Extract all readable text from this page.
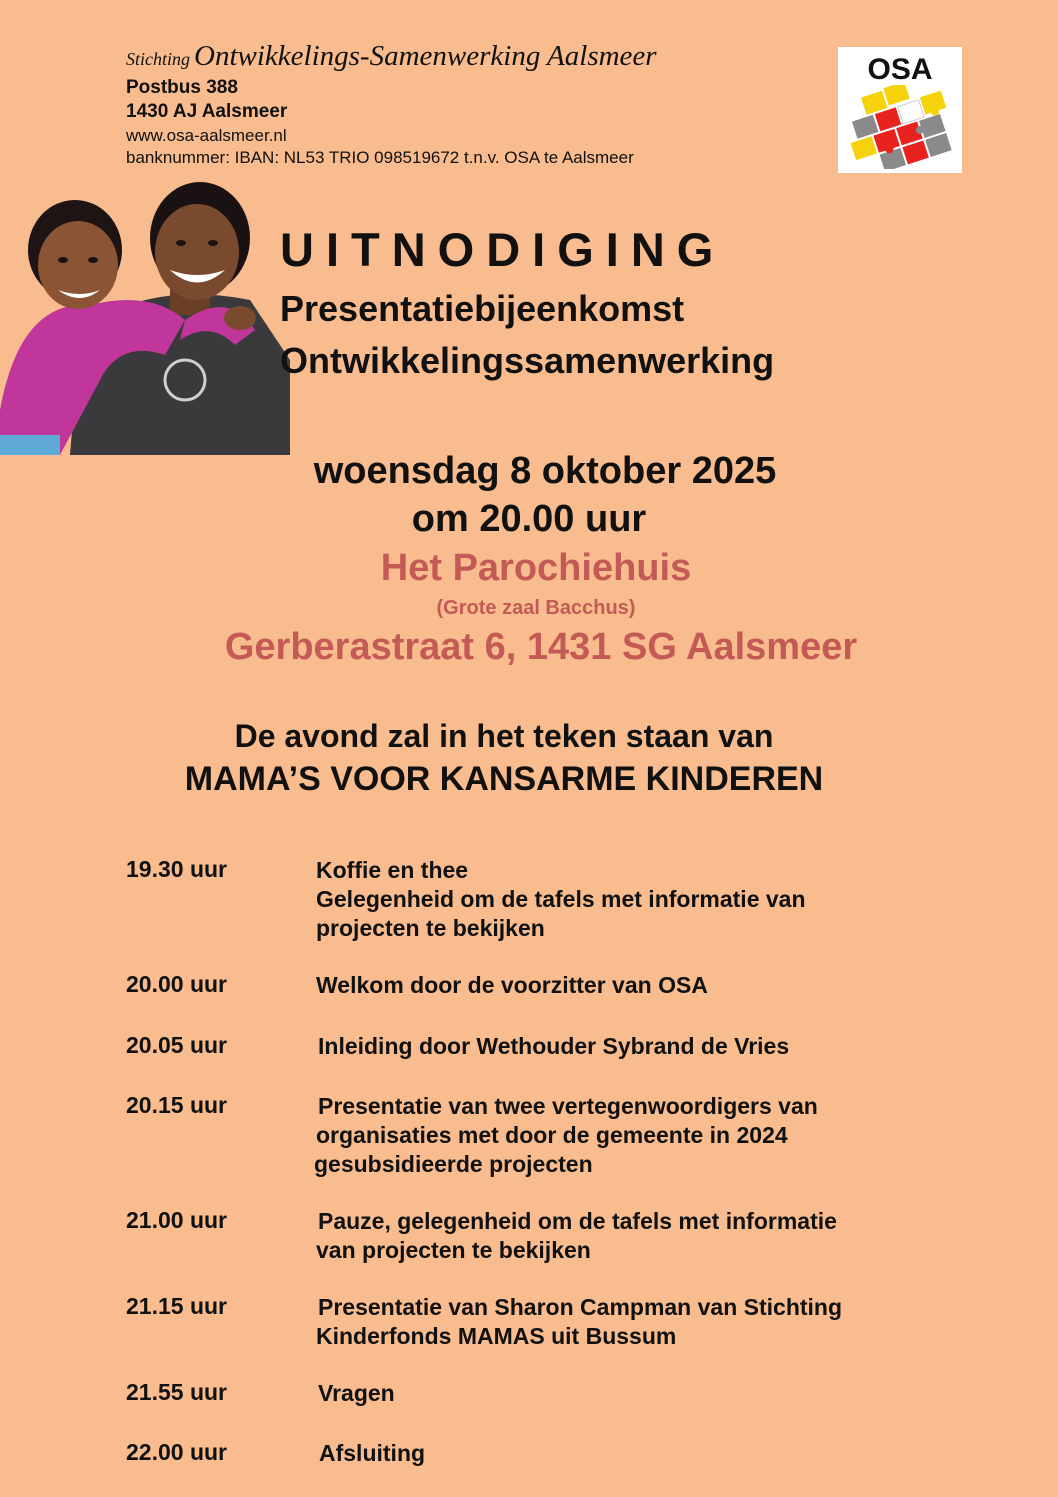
Stichting Ontwikkelings-Samenwerking Aalsmeer
Postbus 388
1430 AJ Aalsmeer
www.osa-aalsmeer.nl
banknummer: IBAN: NL53 TRIO 098519672 t.n.v. OSA te Aalsmeer
OSA
UITNODIGING
Presentatiebijeenkomst
Ontwikkelingssamenwerking
woensdag 8 oktober 2025
om 20.00 uur
Het Parochiehuis
(Grote zaal Bacchus)
Gerberastraat 6, 1431 SG Aalsmeer
De avond zal in het teken staan van
MAMA’S VOOR KANSARME KINDEREN
19.30 uur	Koffie en thee
Gelegenheid om de tafels met informatie van
projecten te bekijken
20.00 uur	Welkom door de voorzitter van OSA
20.05 uur	Inleiding door Wethouder Sybrand de Vries
20.15 uur	Presentatie van twee vertegenwoordigers van
organisaties met door de gemeente in 2024
gesubsidieerde projecten
21.00 uur	Pauze, gelegenheid om de tafels met informatie
van projecten te bekijken
21.15 uur	Presentatie van Sharon Campman van Stichting
Kinderfonds MAMAS uit Bussum
21.55 uur	Vragen
22.00 uur	Afsluiting
